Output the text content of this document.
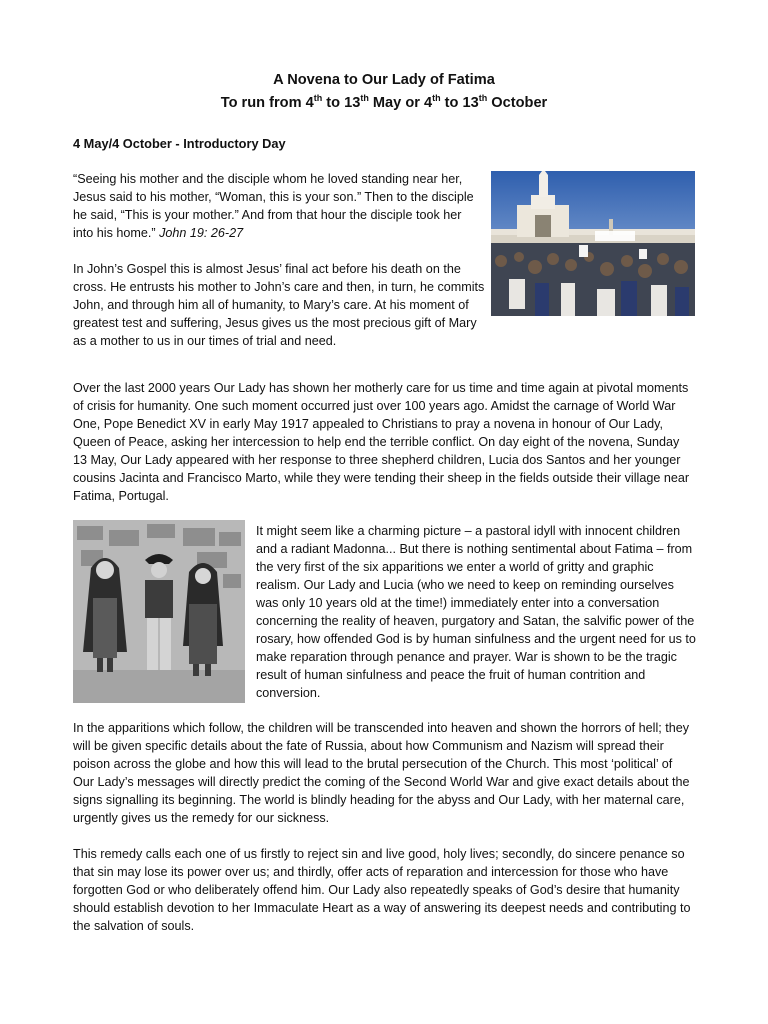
A Novena to Our Lady of Fatima
To run from 4th to 13th May or 4th to 13th October
4 May/4 October - Introductory Day

“Seeing his mother and the disciple whom he loved standing near her, Jesus said to his mother, “Woman, this is your son.” Then to the disciple he said, “This is your mother.” And from that hour the disciple took her into his home.” John 19: 26-27

In John’s Gospel this is almost Jesus’ final act before his death on the cross. He entrusts his mother to John’s care and then, in turn, he commits John, and through him all of humanity, to Mary’s care. At his moment of greatest test and suffering, Jesus gives us the most precious gift of Mary as a mother to us in our times of trial and need.

Over the last 2000 years Our Lady has shown her motherly care for us time and time again at pivotal moments of crisis for humanity. One such moment occurred just over 100 years ago. Amidst the carnage of World War One, Pope Benedict XV in early May 1917 appealed to Christians to pray a novena in honour of Our Lady, Queen of Peace, asking her intercession to help end the terrible conflict. On day eight of the novena, Sunday 13 May, Our Lady appeared with her response to three shepherd children, Lucia dos Santos and her younger cousins Jacinta and Francisco Marto, while they were tending their sheep in the fields outside their village near Fatima, Portugal.

It might seem like a charming picture – a pastoral idyll with innocent children and a radiant Madonna... But there is nothing sentimental about Fatima – from the very first of the six apparitions we enter a world of gritty and graphic realism. Our Lady and Lucia (who we need to keep on reminding ourselves was only 10 years old at the time!) immediately enter into a conversation concerning the reality of heaven, purgatory and Satan, the salvific power of the rosary, how offended God is by human sinfulness and the urgent need for us to make reparation through penance and prayer. War is shown to be the tragic result of human sinfulness and peace the fruit of human contrition and conversion.

In the apparitions which follow, the children will be transcended into heaven and shown the horrors of hell; they will be given specific details about the fate of Russia, about how Communism and Nazism will spread their poison across the globe and how this will lead to the brutal persecution of the Church. This most ‘political’ of Our Lady’s messages will directly predict the coming of the Second World War and give exact details about the signs signalling its beginning. The world is blindly heading for the abyss and Our Lady, with her maternal care, urgently gives us the remedy for our sickness.

This remedy calls each one of us firstly to reject sin and live good, holy lives; secondly, do sincere penance so that sin may lose its power over us; and thirdly, offer acts of reparation and intercession for those who have forgotten God or who deliberately offend him. Our Lady also repeatedly speaks of God’s desire that humanity should establish devotion to her Immaculate Heart as a way of answering its deepest needs and contributing to the salvation of souls.
